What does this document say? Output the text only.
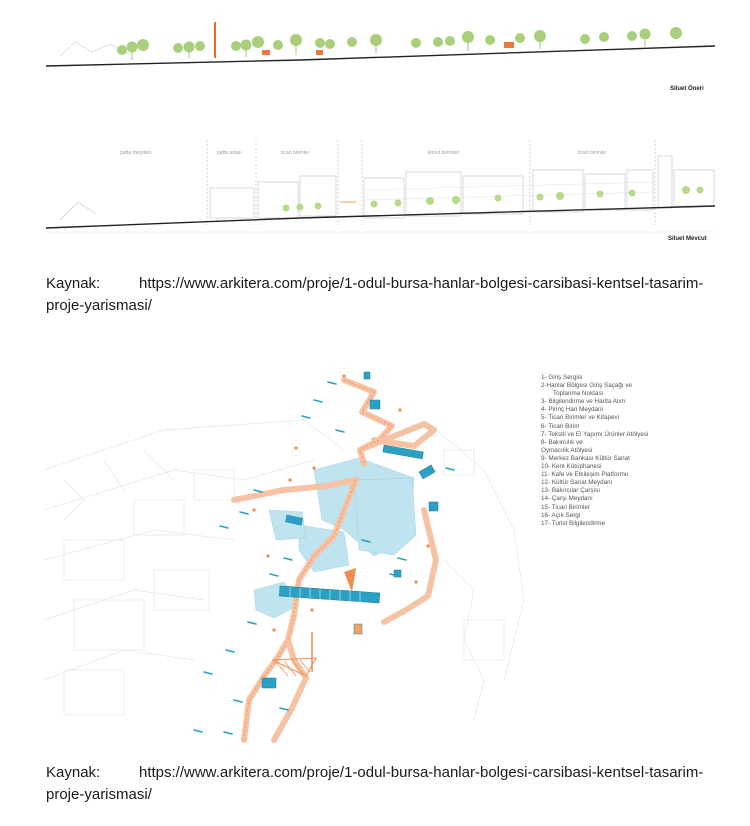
Siluet Öneri
pafta meydanı	pafta adası	ticari birimler	konut birimleri	ticari birimler
Siluet Mevcut
Kaynak:	https://www.arkitera.com/proje/1-odul-bursa-hanlar-bolgesi-carsibasi-kentsel-tasarim-
proje-yarismasi/
1- Giriş Sergisi
2-Hanlar Bölgesi Giriş Saçağı ve
Toplanma Noktası
3- Bilgilendirme ve Harita Alım
4- Pirinç Han Meydanı
5- Ticari Birimler ve Kitapevi
6- Ticari Birim
7- Tekstil ve El Yapımı Ürünler Atölyesi
8- Bakırcılık ve
Oymacılık Atölyesi
9- Merkez Bankası Kültür Sanat
10- Kent Kütüphanesi
11- Kafe ve Etkileşim Platformu
12- Kültür Sanat Meydanı
13- Bakırcılar Çarşısı
14- Çarşı Meydanı
15- Ticari Birimler
16- Açık Sergi
17- Turist Bilgilendirme
Kaynak:	https://www.arkitera.com/proje/1-odul-bursa-hanlar-bolgesi-carsibasi-kentsel-tasarim-
proje-yarismasi/
